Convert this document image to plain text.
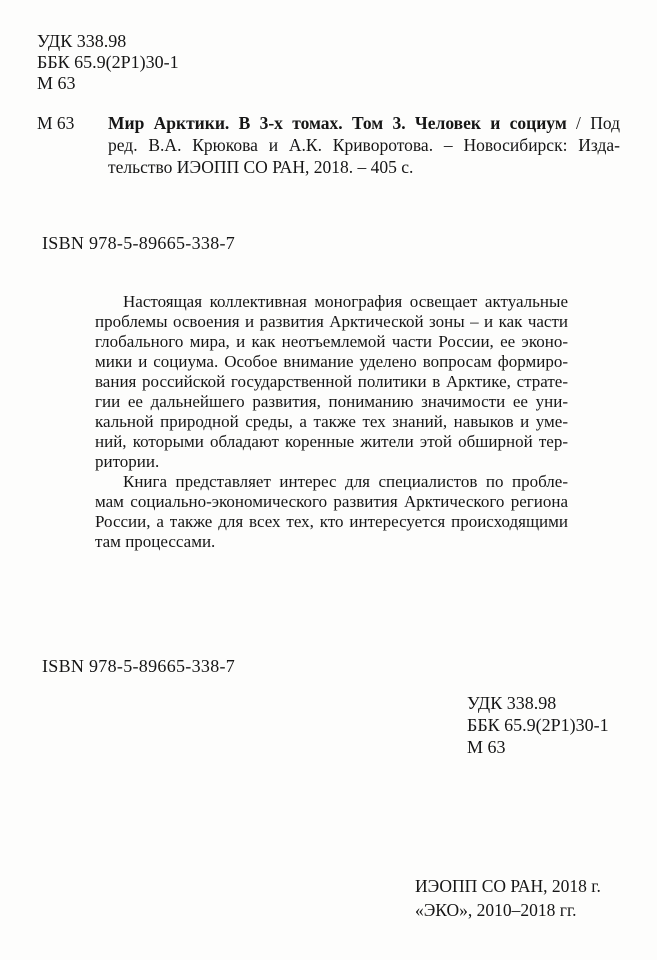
УДК 338.98
ББК 65.9(2Р1)30-1
М 63
М 63 Мир Арктики. В 3-х томах. Том 3. Человек и социум / Под
ред. В.А. Крюкова и А.К. Криворотова. – Новосибирск: Изда-
тельство ИЭОПП СО РАН, 2018. – 405 с.
ISBN 978-5-89665-338-7
Настоящая коллективная монография освещает актуальные
проблемы освоения и развития Арктической зоны – и как части
глобального мира, и как неотъемлемой части России, ее эконо-
мики и социума. Особое внимание уделено вопросам формиро-
вания российской государственной политики в Арктике, страте-
гии ее дальнейшего развития, пониманию значимости ее уни-
кальной природной среды, а также тех знаний, навыков и уме-
ний, которыми обладают коренные жители этой обширной тер-
ритории.
Книга представляет интерес для специалистов по пробле-
мам социально-экономического развития Арктического региона
России, а также для всех тех, кто интересуется происходящими
там процессами.
ISBN 978-5-89665-338-7
УДК 338.98
ББК 65.9(2Р1)30-1
М 63
ИЭОПП СО РАН, 2018 г.
«ЭКО», 2010–2018 гг.
